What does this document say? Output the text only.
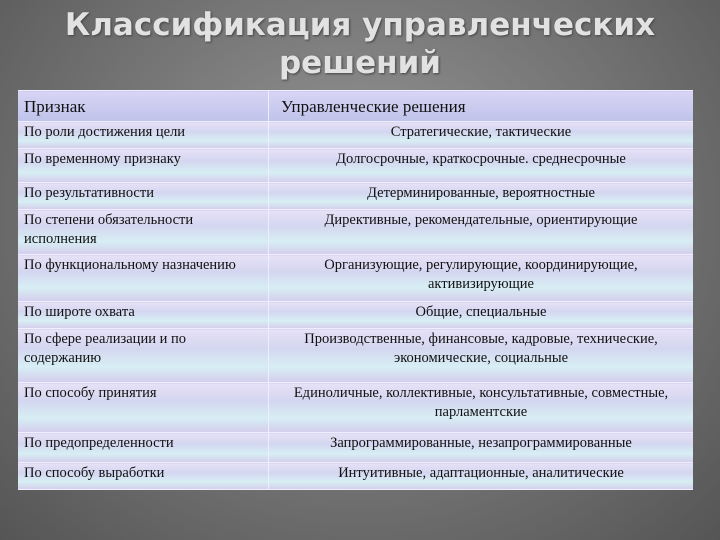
Классификация управленческих решений
Признак	Управленческие решения
По роли достижения цели	Стратегические, тактические
По временному признаку	Долгосрочные, краткосрочные. среднесрочные
По результативности	Детерминированные, вероятностные
По степени обязательности исполнения	Директивные, рекомендательные, ориентирующие
По функциональному назначению	Организующие, регулирующие, координирующие, активизирующие
По широте охвата	Общие, специальные
По сфере реализации и по содержанию	Производственные, финансовые, кадровые, технические, экономические, социальные
По способу принятия	Единоличные, коллективные, консультативные, совместные, парламентские
По предопределенности	Запрограммированные, незапрограммированные
По способу выработки	Интуитивные, адаптационные, аналитические
